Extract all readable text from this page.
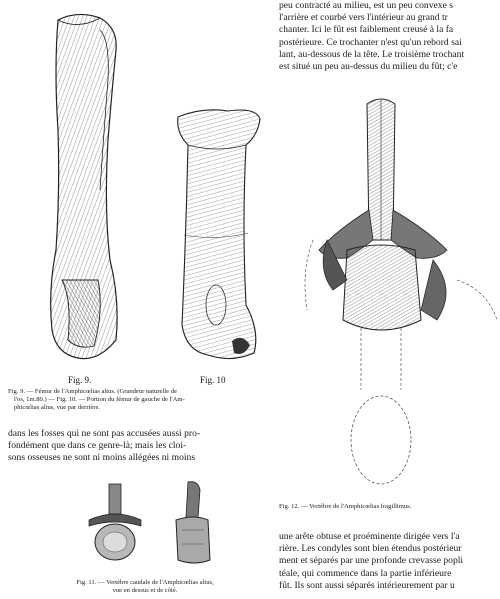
Fig. 9.	Fig. 10
Fig. 9. — Fémur de l'Amphicœlias altus. (Grandeur naturelle de
l'os, 1m.80.) — Fig. 10. — Portion du fémur de gauche de l'Am-
phicœlias altus, vue par derrière.
dans les fosses qui ne sont pas accusées aussi pro-
fondément que dans ce genre-là; mais les cloi-
sons osseuses ne sont ni moins allégées ni moins
Fig. 11. — Vertèbre caudale de l'Amphicœlias altus,
vue en dessus et de côté.
peu contracté au milieu, est un peu convexe s
l'arrière et courbé vers l'intérieur au grand tr
chanter. Ici le fût est faiblement creusé à la fa
postérieure. Ce trochanter n'est qu'un rebord sai
lant, au-dessous de la tête. Le troisième trochant
est situé un peu au-dessus du milieu du fût; c'e
Fig. 12. — Vertèbre de l'Amphicœlias fragillimus.
une arête obtuse et proéminente dirigée vers l'a
rière. Les condyles sont bien étendus postérieur
ment et séparés par une profonde crevasse popli
téale, qui commence dans la partie inférieure
fût. Ils sont aussi séparés intérieurement par u
